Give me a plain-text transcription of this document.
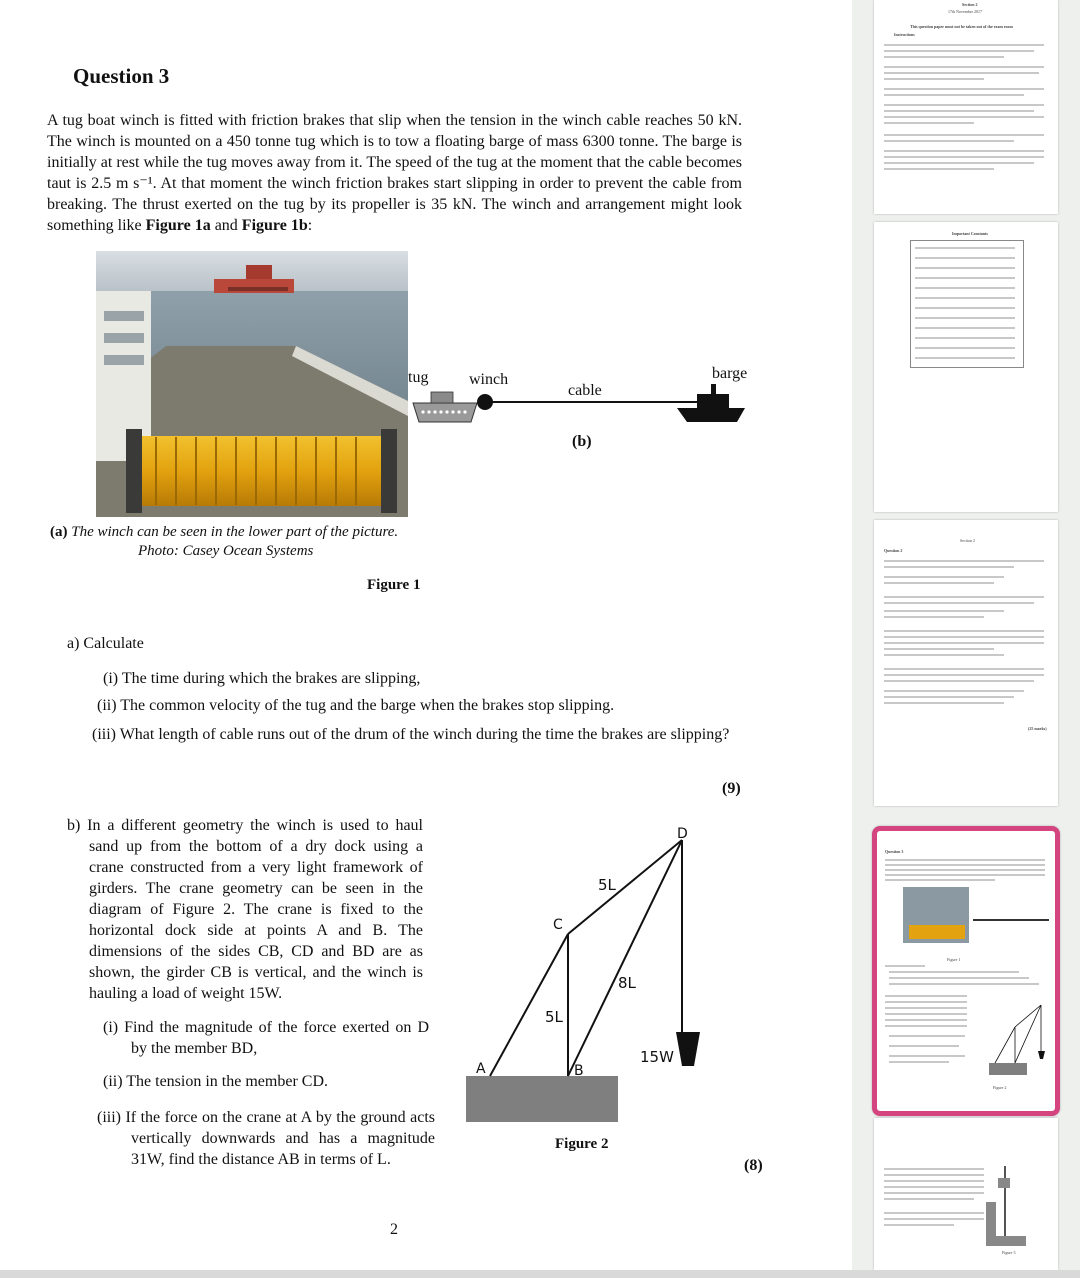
Question 3
A tug boat winch is fitted with friction brakes that slip when the tension in the winch cable reaches 50 kN. The winch is mounted on a 450 tonne tug which is to tow a floating barge of mass 6300 tonne. The barge is initially at rest while the tug moves away from it. The speed of the tug at the moment that the cable becomes taut is 2.5 m s⁻¹. At that moment the winch friction brakes start slipping in order to prevent the cable from breaking. The thrust exerted on the tug by its propeller is 35 kN. The winch and arrangement might look something like Figure 1a and Figure 1b:
tug	winch
cable
barge
(b)
(a) The winch can be seen in the lower part of the picture.
Photo: Casey Ocean Systems
Figure 1
a) Calculate
(i) The time during which the brakes are slipping,
(ii) The common velocity of the tug and the barge when the brakes stop slipping.
(iii) What length of cable runs out of the drum of the winch during the time the brakes are slipping?
(9)
b) In a different geometry the winch is used to haul sand up from the bottom of a dry dock using a crane constructed from a very light framework of girders. The crane geometry can be seen in the diagram of Figure 2. The crane is fixed to the horizontal dock side at points A and B. The dimensions of the sides CB, CD and BD are as shown, the girder CB is vertical, and the winch is hauling a load of weight 15W.
(i) Find the magnitude of the force exerted on D by the member BD,
(ii) The tension in the member CD.
(iii) If the force on the crane at A by the ground acts vertically downwards and has a magnitude 31W, find the distance AB in terms of L.	(8)
A	B
C
D
5L
8L
5L
15W
Figure 2
2
Section 2
17th November 2017
This question paper must not be taken out of the exam room
Instructions
Important Constants
Section 2
Question 2
(25 marks)
Question 3
Figure 1
Figure 2
Figure 3
